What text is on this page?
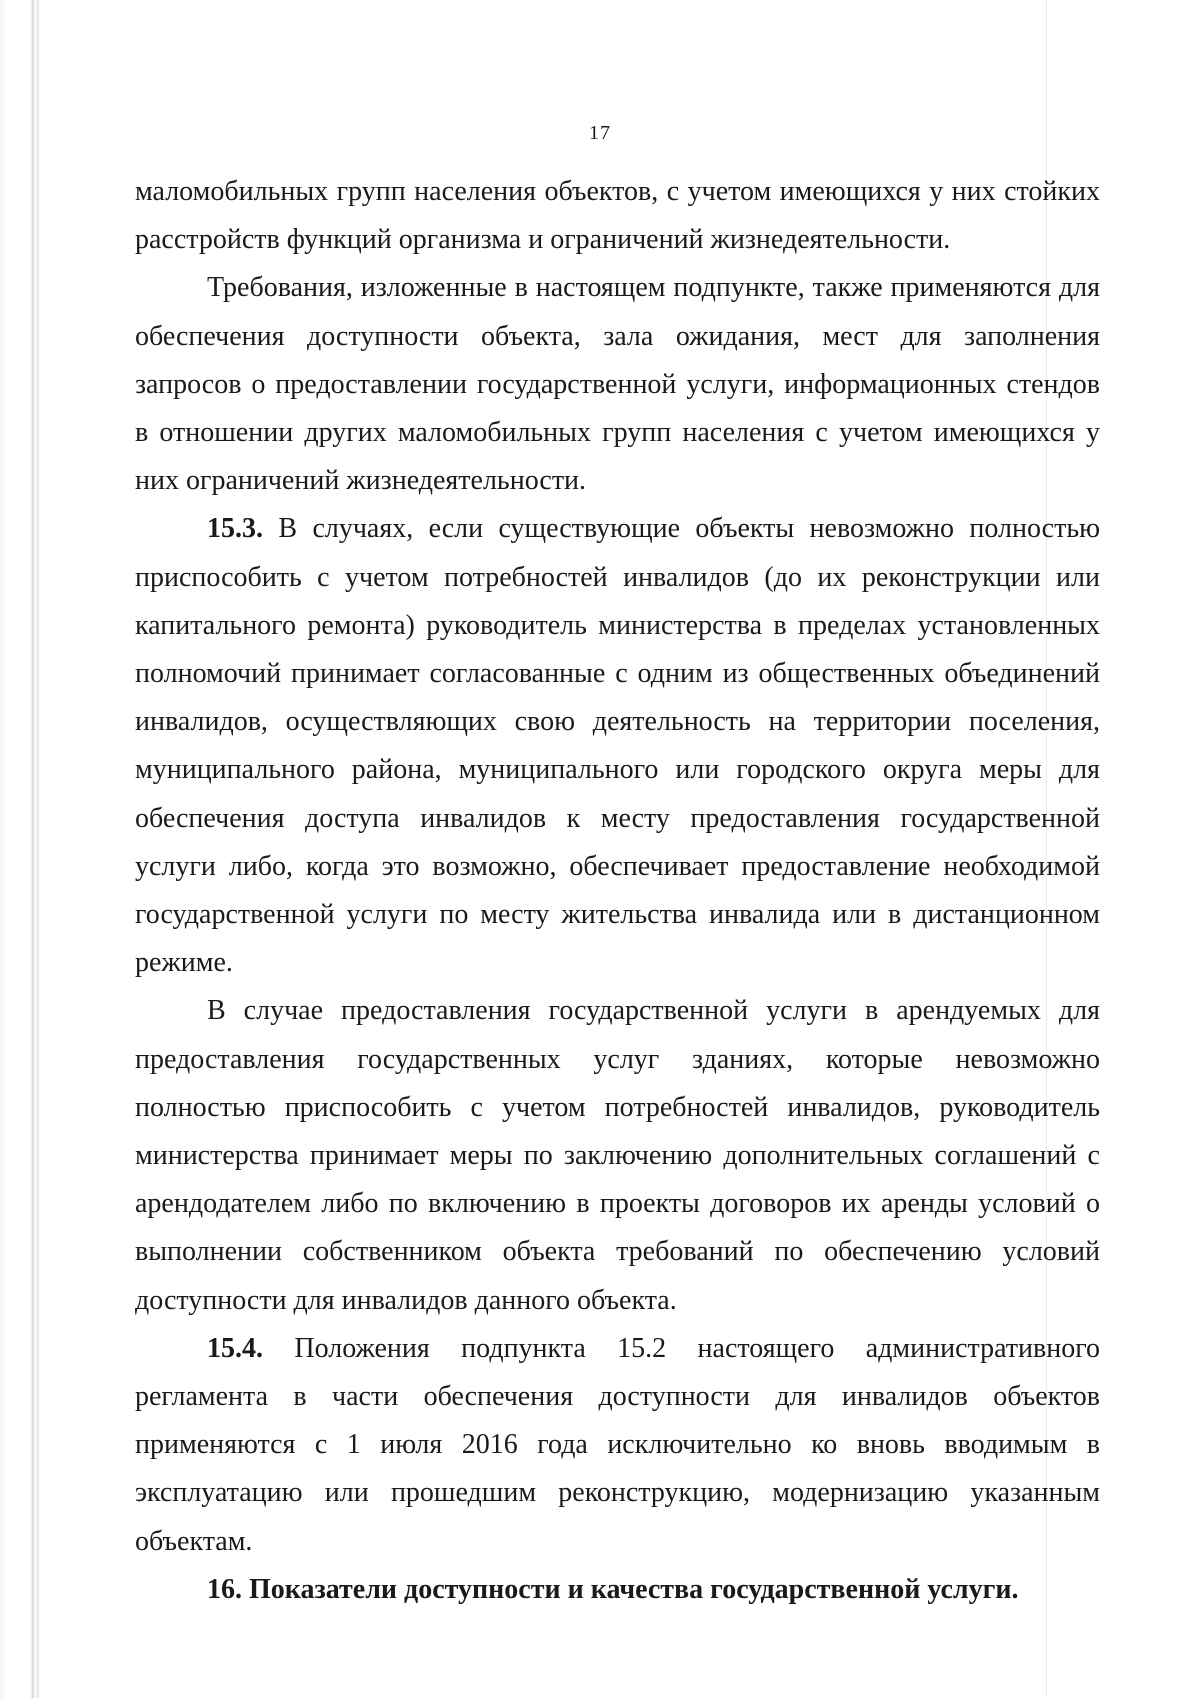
17

маломобильных групп населения объектов, с учетом имеющихся у них стойких расстройств функций организма и ограничений жизнедеятельности.

Требования, изложенные в настоящем подпункте, также применяются для обеспечения доступности объекта, зала ожидания, мест для заполнения запросов о предоставлении государственной услуги, информационных стендов в отношении других маломобильных групп населения с учетом имеющихся у них ограничений жизнедеятельности.

15.3. В случаях, если существующие объекты невозможно полностью приспособить с учетом потребностей инвалидов (до их реконструкции или капитального ремонта) руководитель министерства в пределах установленных полномочий принимает согласованные с одним из общественных объединений инвалидов, осуществляющих свою деятельность на территории поселения, муниципального района, муниципального или городского округа меры для обеспечения доступа инвалидов к месту предоставления государственной услуги либо, когда это возможно, обеспечивает предоставление необходимой государственной услуги по месту жительства инвалида или в дистанционном режиме.

В случае предоставления государственной услуги в арендуемых для предоставления государственных услуг зданиях, которые невозможно полностью приспособить с учетом потребностей инвалидов, руководитель министерства принимает меры по заключению дополнительных соглашений с арендодателем либо по включению в проекты договоров их аренды условий о выполнении собственником объекта требований по обеспечению условий доступности для инвалидов данного объекта.

15.4. Положения подпункта 15.2 настоящего административного регламента в части обеспечения доступности для инвалидов объектов применяются с 1 июля 2016 года исключительно ко вновь вводимым в эксплуатацию или прошедшим реконструкцию, модернизацию указанным объектам.

16. Показатели доступности и качества государственной услуги.
